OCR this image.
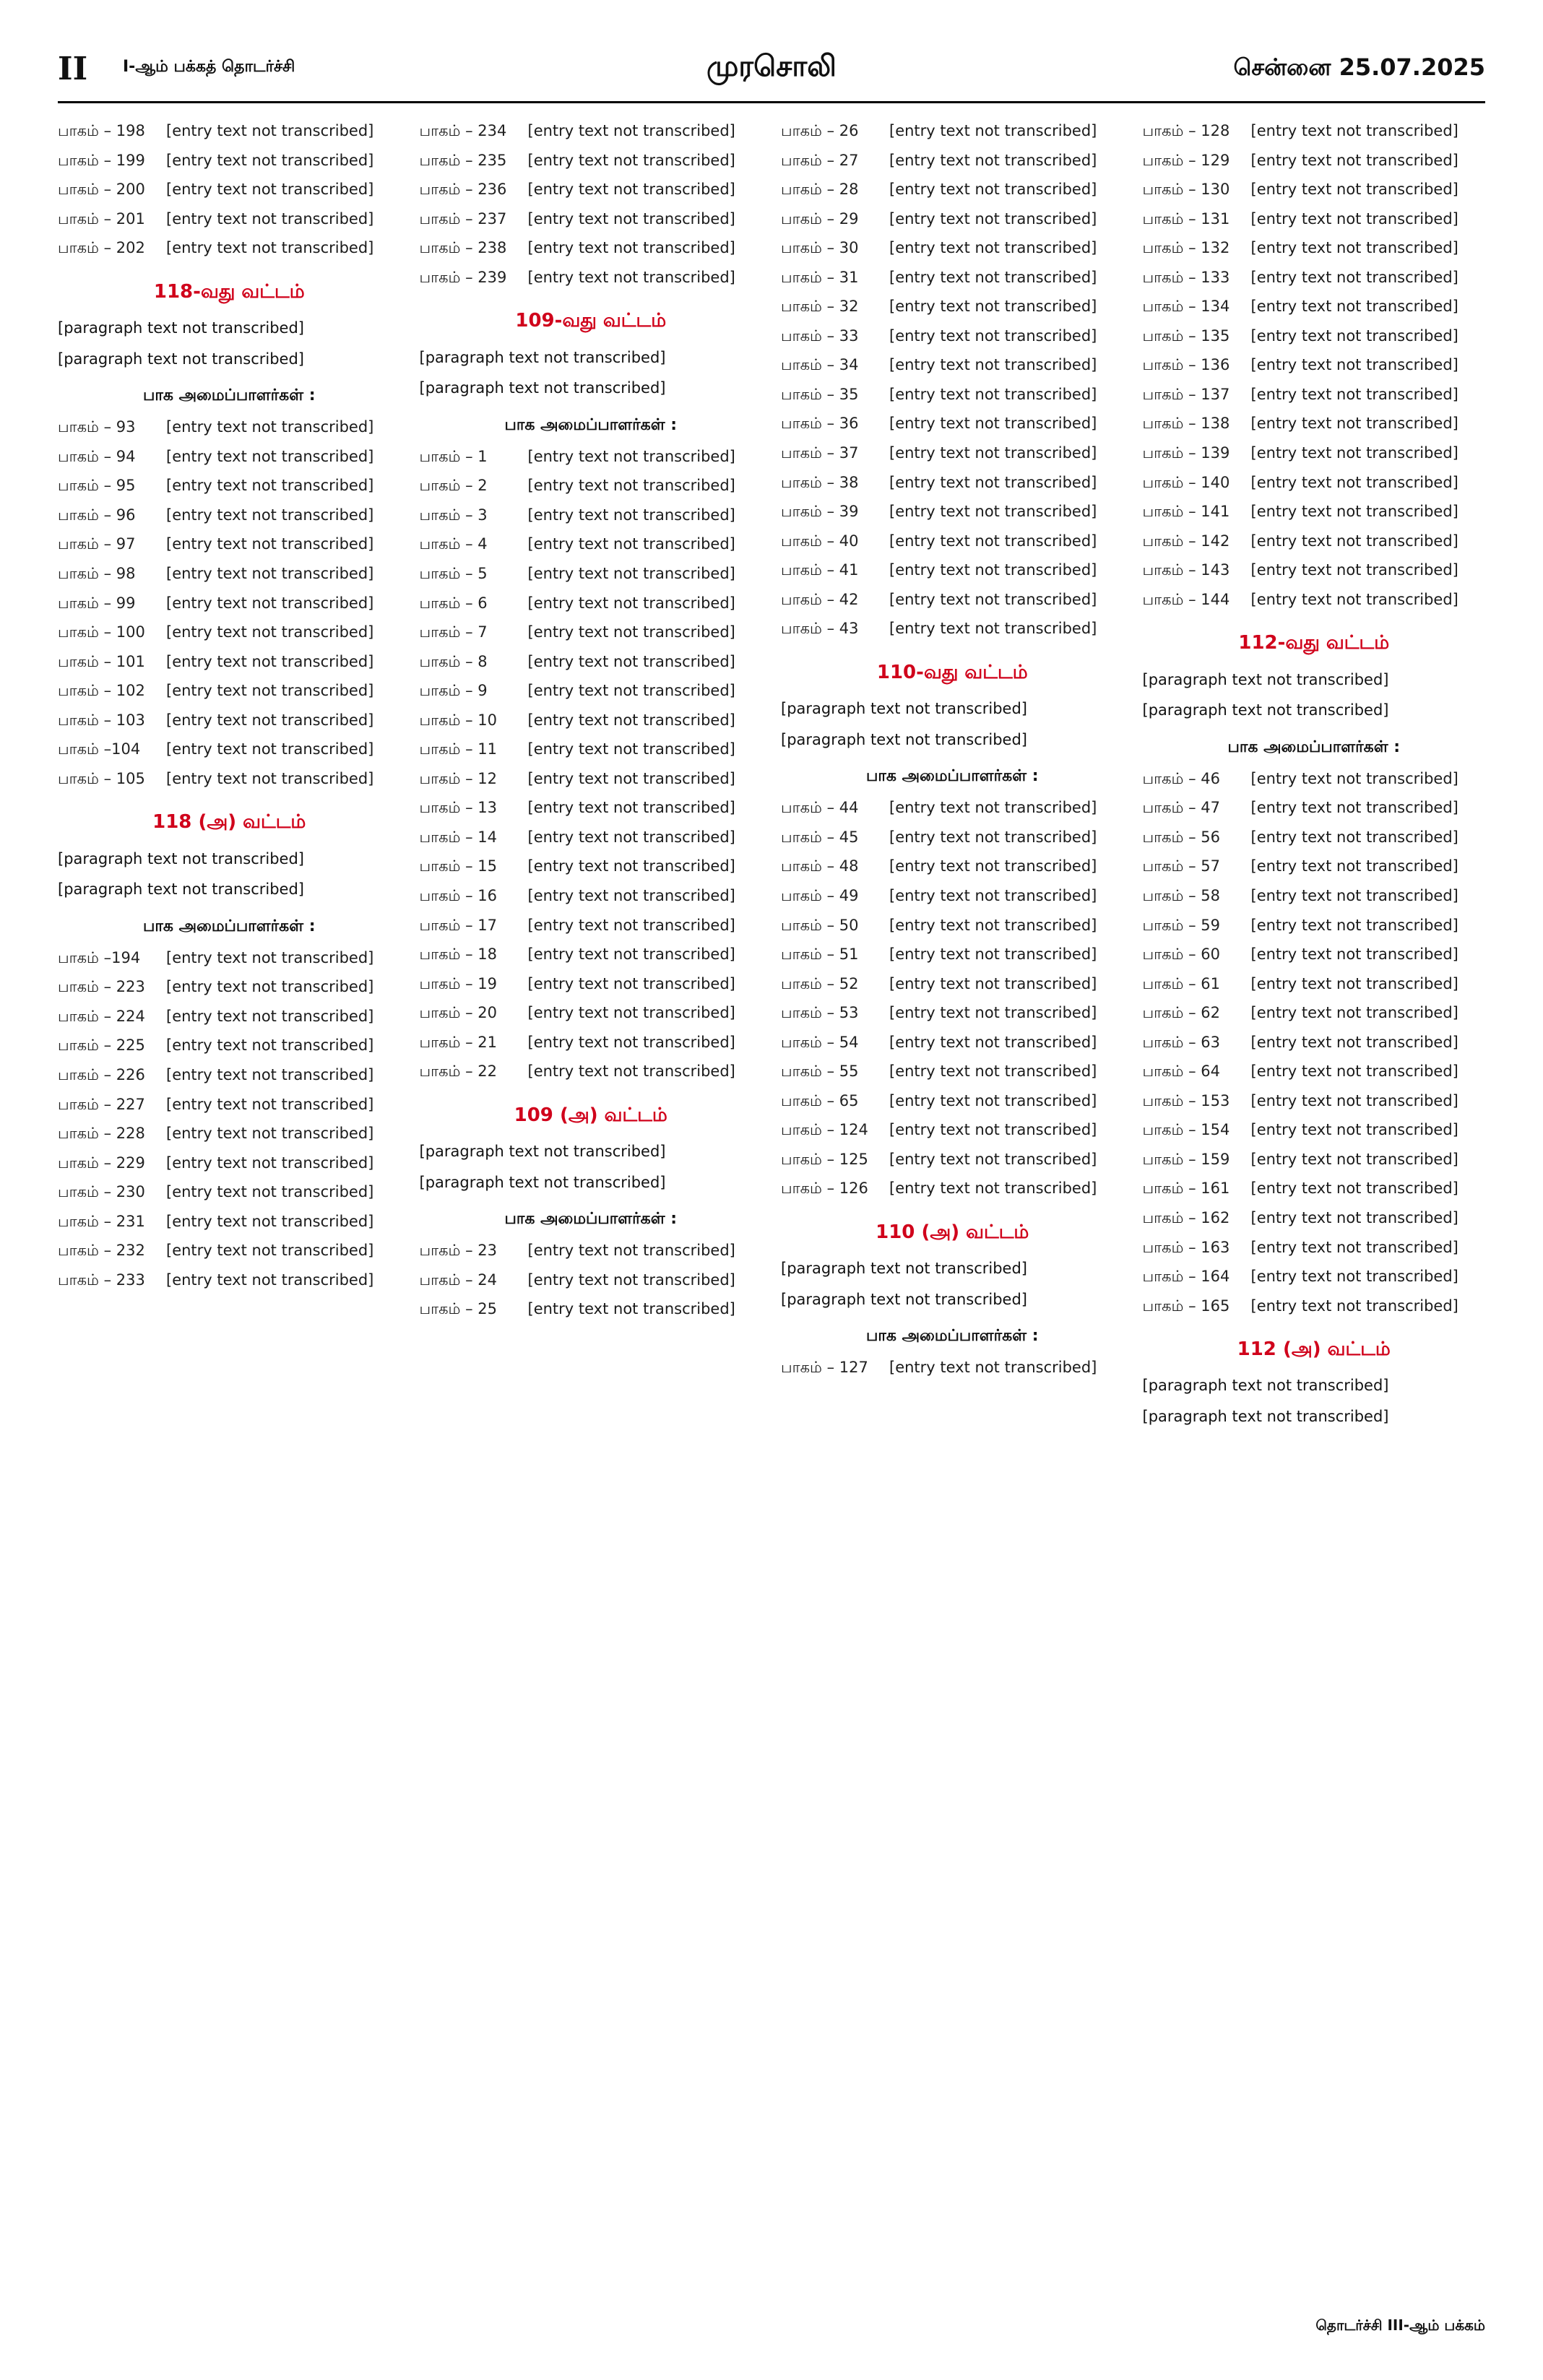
II I-ஆம் பக்கத் தொடர்ச்சி	முரசொலி	சென்னை 25.07.2025
பாகம் – 198	[entry text not transcribed]
பாகம் – 199	[entry text not transcribed]
பாகம் – 200	[entry text not transcribed]
பாகம் – 201	[entry text not transcribed]
பாகம் – 202	[entry text not transcribed]
118-வது வட்டம்
[paragraph text not transcribed]
[paragraph text not transcribed]
பாக அமைப்பாளர்கள் :
பாகம் – 93	[entry text not transcribed]
பாகம் – 94	[entry text not transcribed]
பாகம் – 95	[entry text not transcribed]
பாகம் – 96	[entry text not transcribed]
பாகம் – 97	[entry text not transcribed]
பாகம் – 98	[entry text not transcribed]
பாகம் – 99	[entry text not transcribed]
பாகம் – 100	[entry text not transcribed]
பாகம் – 101	[entry text not transcribed]
பாகம் – 102	[entry text not transcribed]
பாகம் – 103	[entry text not transcribed]
பாகம் –104	[entry text not transcribed]
பாகம் – 105	[entry text not transcribed]
118 (அ) வட்டம்
[paragraph text not transcribed]
[paragraph text not transcribed]
பாக அமைப்பாளர்கள் :
பாகம் –194	[entry text not transcribed]
பாகம் – 223	[entry text not transcribed]
பாகம் – 224	[entry text not transcribed]
பாகம் – 225	[entry text not transcribed]
பாகம் – 226	[entry text not transcribed]
பாகம் – 227	[entry text not transcribed]
பாகம் – 228	[entry text not transcribed]
பாகம் – 229	[entry text not transcribed]
பாகம் – 230	[entry text not transcribed]
பாகம் – 231	[entry text not transcribed]
பாகம் – 232	[entry text not transcribed]
பாகம் – 233	[entry text not transcribed]
பாகம் – 234	[entry text not transcribed]
பாகம் – 235	[entry text not transcribed]
பாகம் – 236	[entry text not transcribed]
பாகம் – 237	[entry text not transcribed]
பாகம் – 238	[entry text not transcribed]
பாகம் – 239	[entry text not transcribed]
109-வது வட்டம்
[paragraph text not transcribed]
[paragraph text not transcribed]
பாக அமைப்பாளர்கள் :
பாகம் – 1	[entry text not transcribed]
பாகம் – 2	[entry text not transcribed]
பாகம் – 3	[entry text not transcribed]
பாகம் – 4	[entry text not transcribed]
பாகம் – 5	[entry text not transcribed]
பாகம் – 6	[entry text not transcribed]
பாகம் – 7	[entry text not transcribed]
பாகம் – 8	[entry text not transcribed]
பாகம் – 9	[entry text not transcribed]
பாகம் – 10	[entry text not transcribed]
பாகம் – 11	[entry text not transcribed]
பாகம் – 12	[entry text not transcribed]
பாகம் – 13	[entry text not transcribed]
பாகம் – 14	[entry text not transcribed]
பாகம் – 15	[entry text not transcribed]
பாகம் – 16	[entry text not transcribed]
பாகம் – 17	[entry text not transcribed]
பாகம் – 18	[entry text not transcribed]
பாகம் – 19	[entry text not transcribed]
பாகம் – 20	[entry text not transcribed]
பாகம் – 21	[entry text not transcribed]
பாகம் – 22	[entry text not transcribed]
109 (அ) வட்டம்
[paragraph text not transcribed]
[paragraph text not transcribed]
பாக அமைப்பாளர்கள் :
பாகம் – 23	[entry text not transcribed]
பாகம் – 24	[entry text not transcribed]
பாகம் – 25	[entry text not transcribed]
பாகம் – 26	[entry text not transcribed]
பாகம் – 27	[entry text not transcribed]
பாகம் – 28	[entry text not transcribed]
பாகம் – 29	[entry text not transcribed]
பாகம் – 30	[entry text not transcribed]
பாகம் – 31	[entry text not transcribed]
பாகம் – 32	[entry text not transcribed]
பாகம் – 33	[entry text not transcribed]
பாகம் – 34	[entry text not transcribed]
பாகம் – 35	[entry text not transcribed]
பாகம் – 36	[entry text not transcribed]
பாகம் – 37	[entry text not transcribed]
பாகம் – 38	[entry text not transcribed]
பாகம் – 39	[entry text not transcribed]
பாகம் – 40	[entry text not transcribed]
பாகம் – 41	[entry text not transcribed]
பாகம் – 42	[entry text not transcribed]
பாகம் – 43	[entry text not transcribed]
110-வது வட்டம்
[paragraph text not transcribed]
[paragraph text not transcribed]
பாக அமைப்பாளர்கள் :
பாகம் – 44	[entry text not transcribed]
பாகம் – 45	[entry text not transcribed]
பாகம் – 48	[entry text not transcribed]
பாகம் – 49	[entry text not transcribed]
பாகம் – 50	[entry text not transcribed]
பாகம் – 51	[entry text not transcribed]
பாகம் – 52	[entry text not transcribed]
பாகம் – 53	[entry text not transcribed]
பாகம் – 54	[entry text not transcribed]
பாகம் – 55	[entry text not transcribed]
பாகம் – 65	[entry text not transcribed]
பாகம் – 124	[entry text not transcribed]
பாகம் – 125	[entry text not transcribed]
பாகம் – 126	[entry text not transcribed]
110 (அ) வட்டம்
[paragraph text not transcribed]
[paragraph text not transcribed]
பாக அமைப்பாளர்கள் :
பாகம் – 127	[entry text not transcribed]
பாகம் – 128	[entry text not transcribed]
பாகம் – 129	[entry text not transcribed]
பாகம் – 130	[entry text not transcribed]
பாகம் – 131	[entry text not transcribed]
பாகம் – 132	[entry text not transcribed]
பாகம் – 133	[entry text not transcribed]
பாகம் – 134	[entry text not transcribed]
பாகம் – 135	[entry text not transcribed]
பாகம் – 136	[entry text not transcribed]
பாகம் – 137	[entry text not transcribed]
பாகம் – 138	[entry text not transcribed]
பாகம் – 139	[entry text not transcribed]
பாகம் – 140	[entry text not transcribed]
பாகம் – 141	[entry text not transcribed]
பாகம் – 142	[entry text not transcribed]
பாகம் – 143	[entry text not transcribed]
பாகம் – 144	[entry text not transcribed]
112-வது வட்டம்
[paragraph text not transcribed]
[paragraph text not transcribed]
பாக அமைப்பாளர்கள் :
பாகம் – 46	[entry text not transcribed]
பாகம் – 47	[entry text not transcribed]
பாகம் – 56	[entry text not transcribed]
பாகம் – 57	[entry text not transcribed]
பாகம் – 58	[entry text not transcribed]
பாகம் – 59	[entry text not transcribed]
பாகம் – 60	[entry text not transcribed]
பாகம் – 61	[entry text not transcribed]
பாகம் – 62	[entry text not transcribed]
பாகம் – 63	[entry text not transcribed]
பாகம் – 64	[entry text not transcribed]
பாகம் – 153	[entry text not transcribed]
பாகம் – 154	[entry text not transcribed]
பாகம் – 159	[entry text not transcribed]
பாகம் – 161	[entry text not transcribed]
பாகம் – 162	[entry text not transcribed]
பாகம் – 163	[entry text not transcribed]
பாகம் – 164	[entry text not transcribed]
பாகம் – 165	[entry text not transcribed]
112 (அ) வட்டம்
[paragraph text not transcribed]
[paragraph text not transcribed]
தொடர்ச்சி III-ஆம் பக்கம்
